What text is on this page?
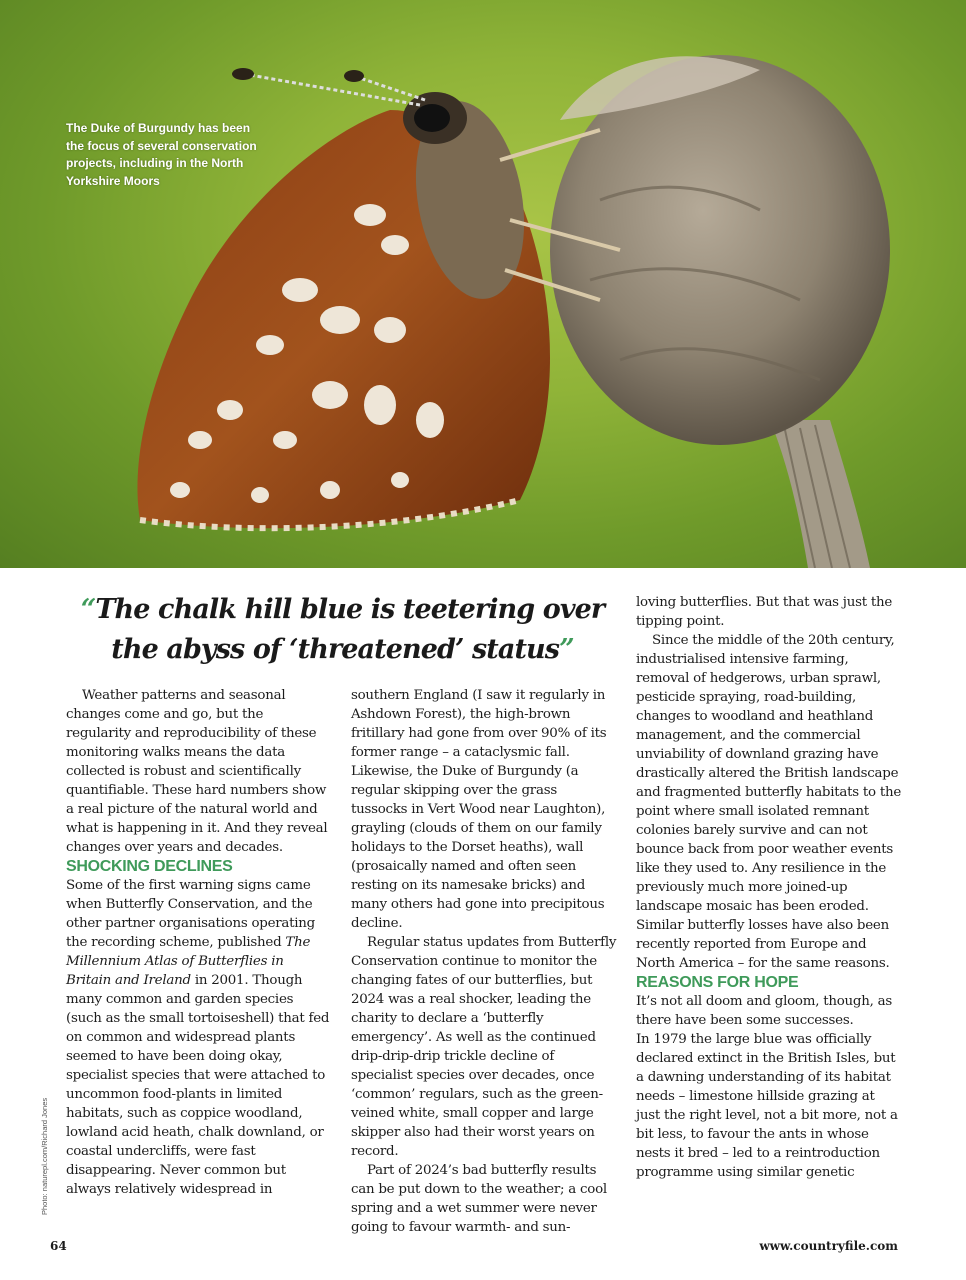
The Duke of Burgundy has been the focus of several conservation projects, including in the North Yorkshire Moors
Photo: naturepl.com/Richard Jones
“The chalk hill blue is teetering over the abyss of ‘threatened’ status”

Weather patterns and seasonal changes come and go, but the regularity and reproducibility of these monitoring walks means the data collected is robust and scientifically quantifiable. These hard numbers show a real picture of the natural world and what is happening in it. And they reveal changes over years and decades.

SHOCKING DECLINES

Some of the first warning signs came when Butterfly Conservation, and the other partner organisations operating the recording scheme, published The Millennium Atlas of Butterflies in Britain and Ireland in 2001. Though many common and garden species (such as the small tortoiseshell) that fed on common and widespread plants seemed to have been doing okay, specialist species that were attached to uncommon food-plants in limited habitats, such as coppice woodland, lowland acid heath, chalk downland, or coastal undercliffs, were fast disappearing. Never common but always relatively widespread in

southern England (I saw it regularly in Ashdown Forest), the high-brown fritillary had gone from over 90% of its former range – a cataclysmic fall. Likewise, the Duke of Burgundy (a regular skipping over the grass tussocks in Vert Wood near Laughton), grayling (clouds of them on our family holidays to the Dorset heaths), wall (prosaically named and often seen resting on its namesake bricks) and many others had gone into precipitous decline.

Regular status updates from Butterfly Conservation continue to monitor the changing fates of our butterflies, but 2024 was a real shocker, leading the charity to declare a ‘butterfly emergency’. As well as the continued drip-drip-drip trickle decline of specialist species over decades, once ‘common’ regulars, such as the green-veined white, small copper and large skipper also had their worst years on record.

Part of 2024’s bad butterfly results can be put down to the weather; a cool spring and a wet summer were never going to favour warmth- and sun-

loving butterflies. But that was just the tipping point.

Since the middle of the 20th century, industrialised intensive farming, removal of hedgerows, urban sprawl, pesticide spraying, road-building, changes to woodland and heathland management, and the commercial unviability of downland grazing have drastically altered the British landscape and fragmented butterfly habitats to the point where small isolated remnant colonies barely survive and can not bounce back from poor weather events like they used to. Any resilience in the previously much more joined-up landscape mosaic has been eroded. Similar butterfly losses have also been recently reported from Europe and North America – for the same reasons.

REASONS FOR HOPE

It’s not all doom and gloom, though, as there have been some successes.

In 1979 the large blue was officially declared extinct in the British Isles, but a dawning understanding of its habitat needs – limestone hillside grazing at just the right level, not a bit more, not a bit less, to favour the ants in whose nests it bred – led to a reintroduction programme using similar genetic

64	www.countryfile.com
